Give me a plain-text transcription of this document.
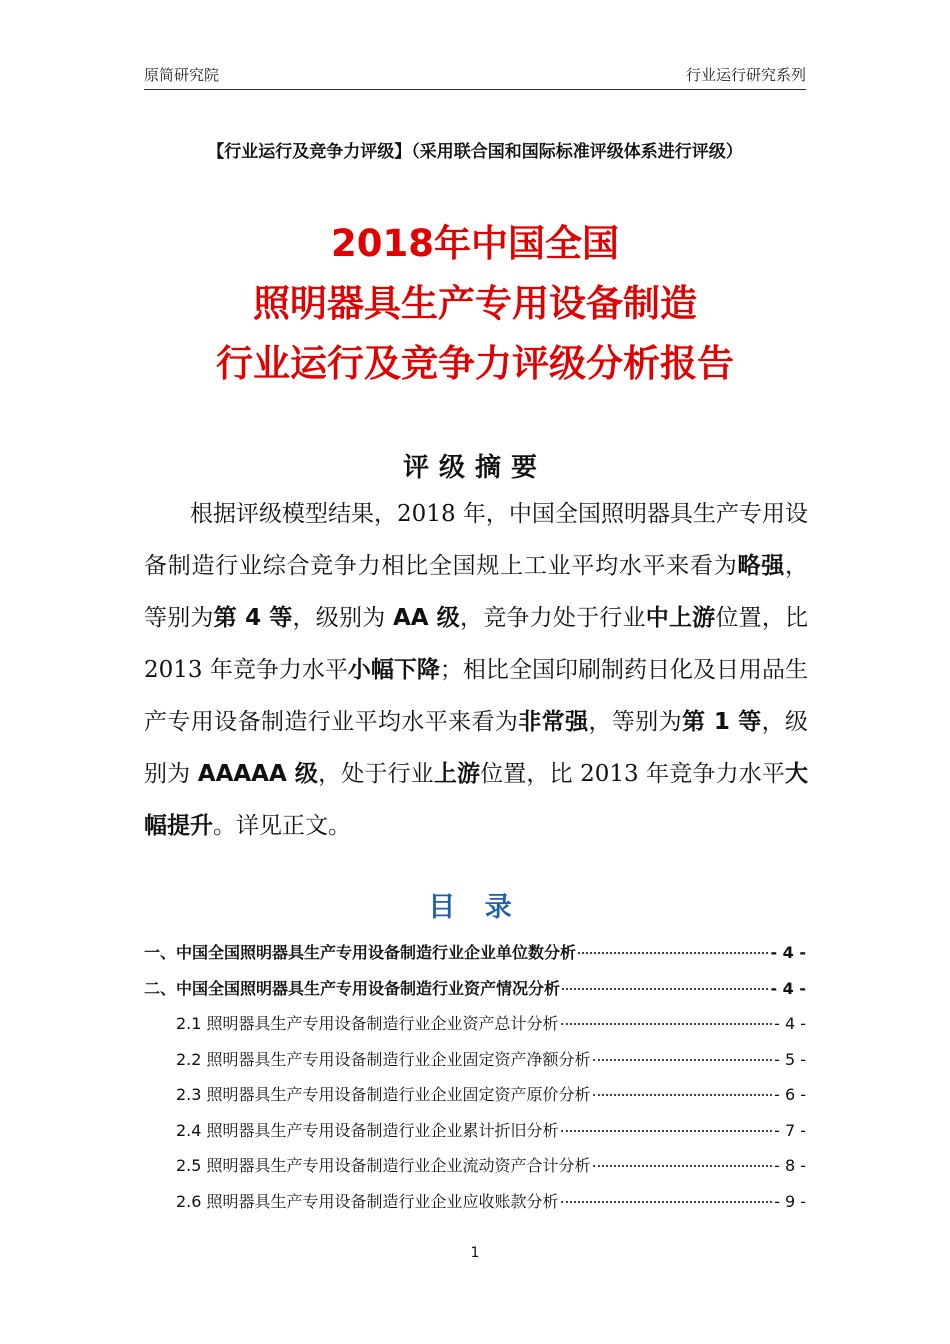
原简研究院	行业运行研究系列
【行业运行及竞争力评级】（采用联合国和国际标准评级体系进行评级）
2018年中国全国
照明器具生产专用设备制造
行业运行及竞争力评级分析报告
评级摘要
根据评级模型结果，2018 年，中国全国照明器具生产专用设备制造行业综合竞争力相比全国规上工业平均水平来看为略强，等别为第 4 等，级别为 AA 级，竞争力处于行业中上游位置，比 2013 年竞争力水平小幅下降；相比全国印刷制药日化及日用品生产专用设备制造行业平均水平来看为非常强，等别为第 1 等，级别为 AAAAA 级，处于行业上游位置，比 2013 年竞争力水平大幅提升。详见正文。
目 录
一、中国全国照明器具生产专用设备制造行业企业单位数分析	- 4 -
二、中国全国照明器具生产专用设备制造行业资产情况分析	- 4 -
2.1 照明器具生产专用设备制造行业企业资产总计分析	- 4 -
2.2 照明器具生产专用设备制造行业企业固定资产净额分析	- 5 -
2.3 照明器具生产专用设备制造行业企业固定资产原价分析	- 6 -
2.4 照明器具生产专用设备制造行业企业累计折旧分析	- 7 -
2.5 照明器具生产专用设备制造行业企业流动资产合计分析	- 8 -
2.6 照明器具生产专用设备制造行业企业应收账款分析	- 9 -
1
